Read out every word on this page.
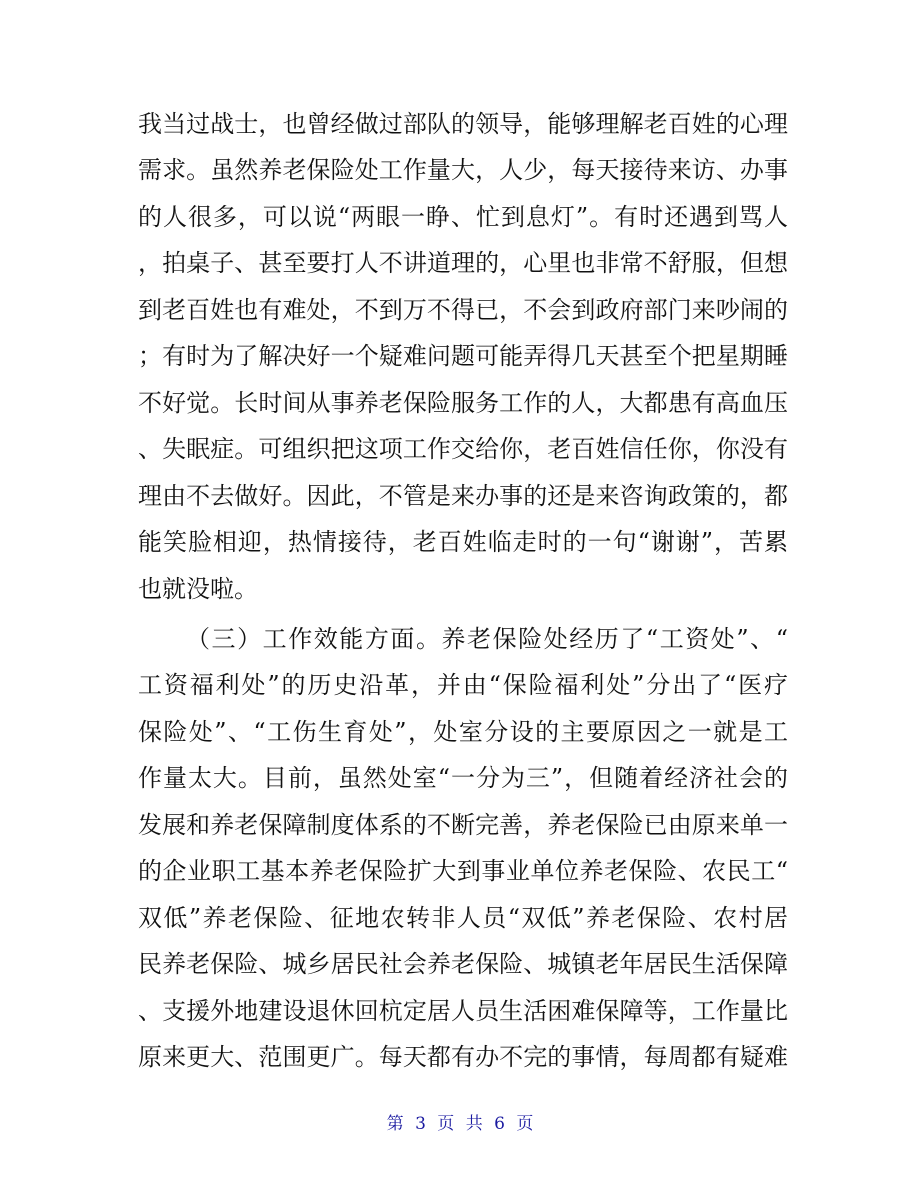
我当过战士，也曾经做过部队的领导，能够理解老百姓的心理
需求。虽然养老保险处工作量大，人少，每天接待来访、办事
的人很多，可以说“两眼一睁、忙到息灯”。有时还遇到骂人
，拍桌子、甚至要打人不讲道理的，心里也非常不舒服，但想
到老百姓也有难处，不到万不得已，不会到政府部门来吵闹的
；有时为了解决好一个疑难问题可能弄得几天甚至个把星期睡
不好觉。长时间从事养老保险服务工作的人，大都患有高血压
、失眠症。可组织把这项工作交给你，老百姓信任你，你没有
理由不去做好。因此，不管是来办事的还是来咨询政策的，都
能笑脸相迎，热情接待，老百姓临走时的一句“谢谢”，苦累
也就没啦。
（三）工作效能方面。养老保险处经历了“工资处”、“
工资福利处”的历史沿革，并由“保险福利处”分出了“医疗
保险处”、“工伤生育处”，处室分设的主要原因之一就是工
作量太大。目前，虽然处室“一分为三”，但随着经济社会的
发展和养老保障制度体系的不断完善，养老保险已由原来单一
的企业职工基本养老保险扩大到事业单位养老保险、农民工“
双低”养老保险、征地农转非人员“双低”养老保险、农村居
民养老保险、城乡居民社会养老保险、城镇老年居民生活保障
、支援外地建设退休回杭定居人员生活困难保障等，工作量比
原来更大、范围更广。每天都有办不完的事情，每周都有疑难
第 3 页 共 6 页
